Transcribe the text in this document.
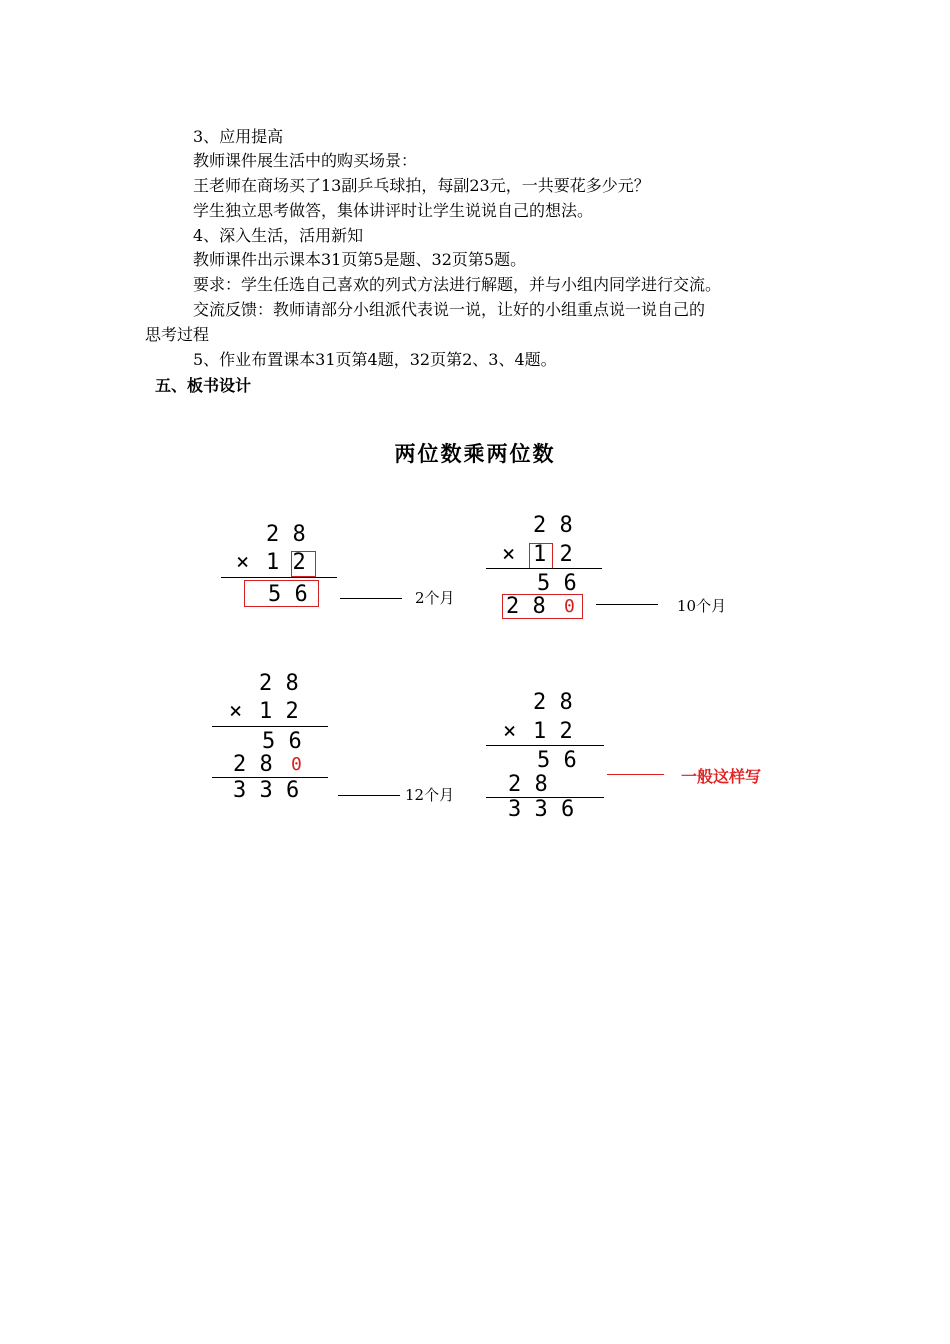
3、应用提高
教师课件展生活中的购买场景：
王老师在商场买了13副乒乓球拍，每副23元，一共要花多少元？
学生独立思考做答，集体讲评时让学生说说自己的想法。
4、深入生活，活用新知
教师课件出示课本31页第5是题、32页第5题。
要求：学生任选自己喜欢的列式方法进行解题，并与小组内同学进行交流。
交流反馈：教师请部分小组派代表说一说，让好的小组重点说一说自己的
思考过程
5、作业布置课本31页第4题，32页第2、3、4题。
五、板书设计
两位数乘两位数
2 8
× 1 2
5 6	2个月
2 8
× 1 2
5 6
2 8 0	10个月
2 8
× 1 2
5 6
2 8 0
3 3 6	12个月
2 8
× 1 2
5 6
2 8
3 3 6
一般这样写
